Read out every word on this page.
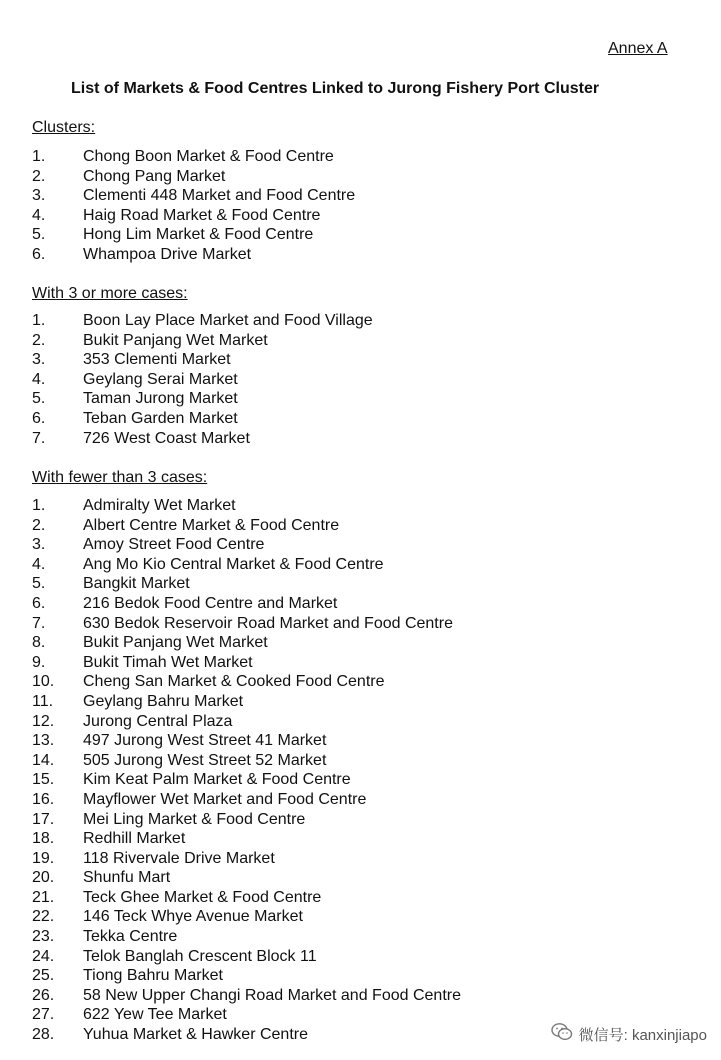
Annex A
List of Markets & Food Centres Linked to Jurong Fishery Port Cluster
Clusters:
1. Chong Boon Market & Food Centre
2. Chong Pang Market
3. Clementi 448 Market and Food Centre
4. Haig Road Market & Food Centre
5. Hong Lim Market & Food Centre
6. Whampoa Drive Market
With 3 or more cases:
1. Boon Lay Place Market and Food Village
2. Bukit Panjang Wet Market
3. 353 Clementi Market
4. Geylang Serai Market
5. Taman Jurong Market
6. Teban Garden Market
7. 726 West Coast Market
With fewer than 3 cases:
1. Admiralty Wet Market
2. Albert Centre Market & Food Centre
3. Amoy Street Food Centre
4. Ang Mo Kio Central Market & Food Centre
5. Bangkit Market
6. 216 Bedok Food Centre and Market
7. 630 Bedok Reservoir Road Market and Food Centre
8. Bukit Panjang Wet Market
9. Bukit Timah Wet Market
10. Cheng San Market & Cooked Food Centre
11. Geylang Bahru Market
12. Jurong Central Plaza
13. 497 Jurong West Street 41 Market
14. 505 Jurong West Street 52 Market
15. Kim Keat Palm Market & Food Centre
16. Mayflower Wet Market and Food Centre
17. Mei Ling Market & Food Centre
18. Redhill Market
19. 118 Rivervale Drive Market
20. Shunfu Mart
21. Teck Ghee Market & Food Centre
22. 146 Teck Whye Avenue Market
23. Tekka Centre
24. Telok Banglah Crescent Block 11
25. Tiong Bahru Market
26. 58 New Upper Changi Road Market and Food Centre
27. 622 Yew Tee Market
28. Yuhua Market & Hawker Centre	微信号: kanxinjiapo
